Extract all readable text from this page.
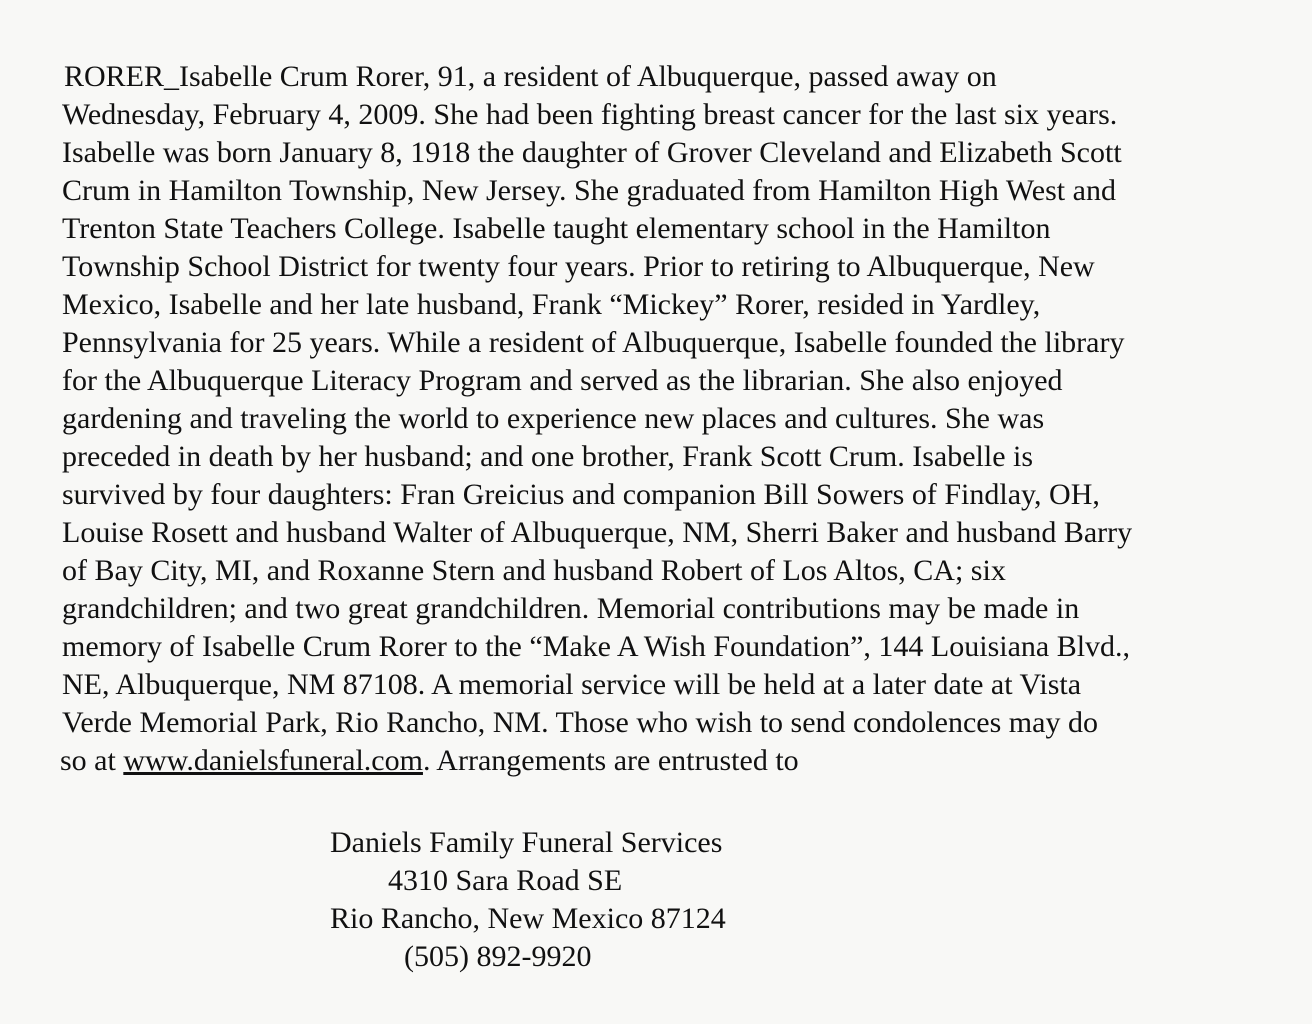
RORER_Isabelle Crum Rorer, 91, a resident of Albuquerque, passed away on
Wednesday, February 4, 2009. She had been fighting breast cancer for the last six years.
Isabelle was born January 8, 1918 the daughter of Grover Cleveland and Elizabeth Scott
Crum in Hamilton Township, New Jersey. She graduated from Hamilton High West and
Trenton State Teachers College. Isabelle taught elementary school in the Hamilton
Township School District for twenty four years. Prior to retiring to Albuquerque, New
Mexico, Isabelle and her late husband, Frank “Mickey” Rorer, resided in Yardley,
Pennsylvania for 25 years. While a resident of Albuquerque, Isabelle founded the library
for the Albuquerque Literacy Program and served as the librarian. She also enjoyed
gardening and traveling the world to experience new places and cultures. She was
preceded in death by her husband; and one brother, Frank Scott Crum. Isabelle is
survived by four daughters: Fran Greicius and companion Bill Sowers of Findlay, OH,
Louise Rosett and husband Walter of Albuquerque, NM, Sherri Baker and husband Barry
of Bay City, MI, and Roxanne Stern and husband Robert of Los Altos, CA; six
grandchildren; and two great grandchildren. Memorial contributions may be made in
memory of Isabelle Crum Rorer to the “Make A Wish Foundation”, 144 Louisiana Blvd.,
NE, Albuquerque, NM 87108. A memorial service will be held at a later date at Vista
Verde Memorial Park, Rio Rancho, NM. Those who wish to send condolences may do
so at www.danielsfuneral.com. Arrangements are entrusted to
Daniels Family Funeral Services
4310 Sara Road SE
Rio Rancho, New Mexico 87124
(505) 892-9920
